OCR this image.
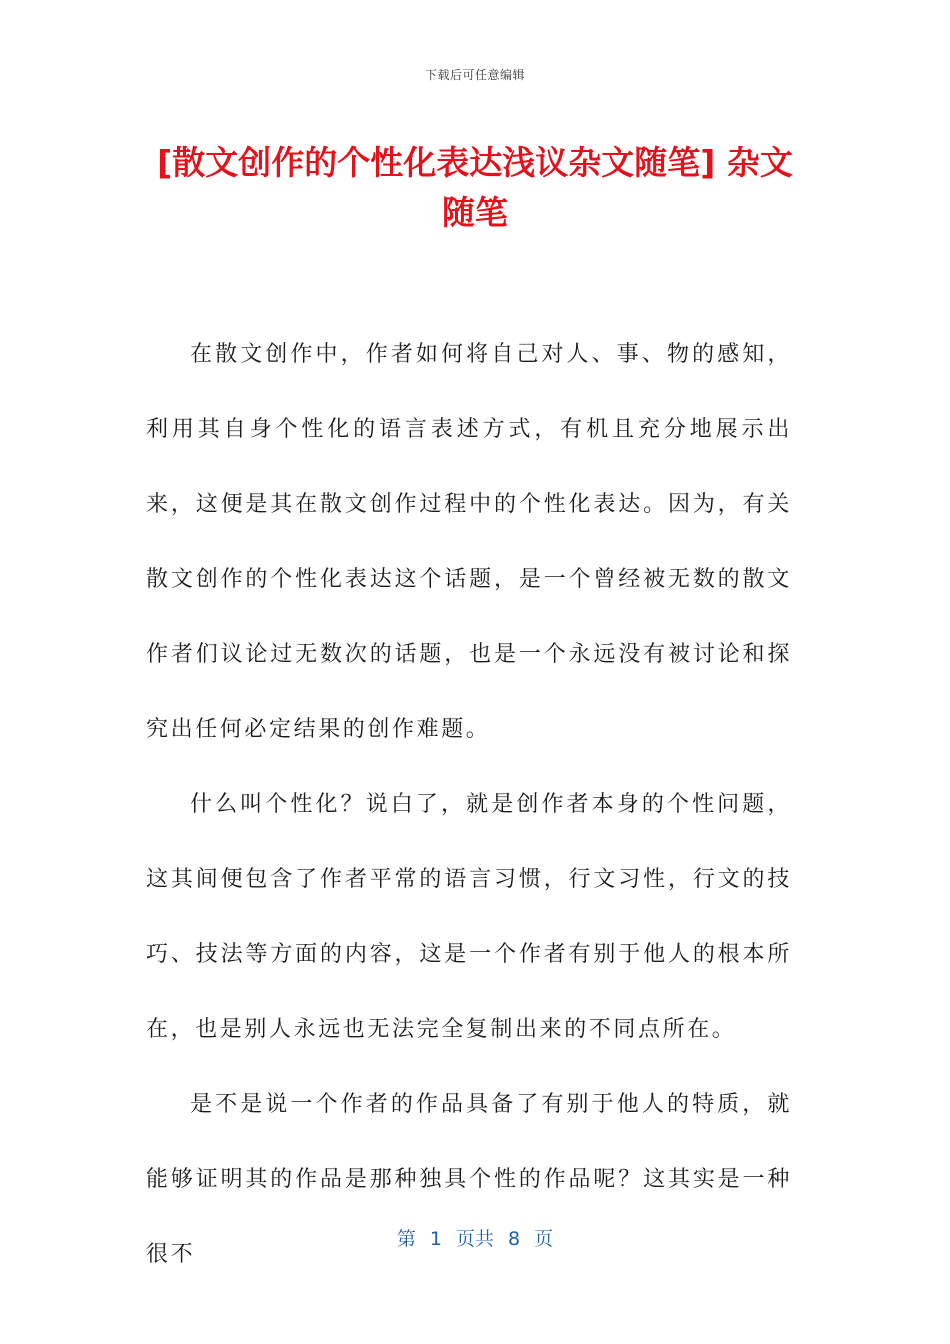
下载后可任意编辑
[散文创作的个性化表达浅议杂文随笔] 杂文随笔

在散文创作中，作者如何将自己对人、事、物的感知，利用其自身个性化的语言表述方式，有机且充分地展示出来，这便是其在散文创作过程中的个性化表达。因为，有关散文创作的个性化表达这个话题，是一个曾经被无数的散文作者们议论过无数次的话题，也是一个永远没有被讨论和探究出任何必定结果的创作难题。

什么叫个性化？说白了，就是创作者本身的个性问题，这其间便包含了作者平常的语言习惯，行文习性，行文的技巧、技法等方面的内容，这是一个作者有别于他人的根本所在，也是别人永远也无法完全复制出来的不同点所在。

是不是说一个作者的作品具备了有别于他人的特质，就能够证明其的作品是那种独具个性的作品呢？这其实是一种很不

第 1 页共 8 页
